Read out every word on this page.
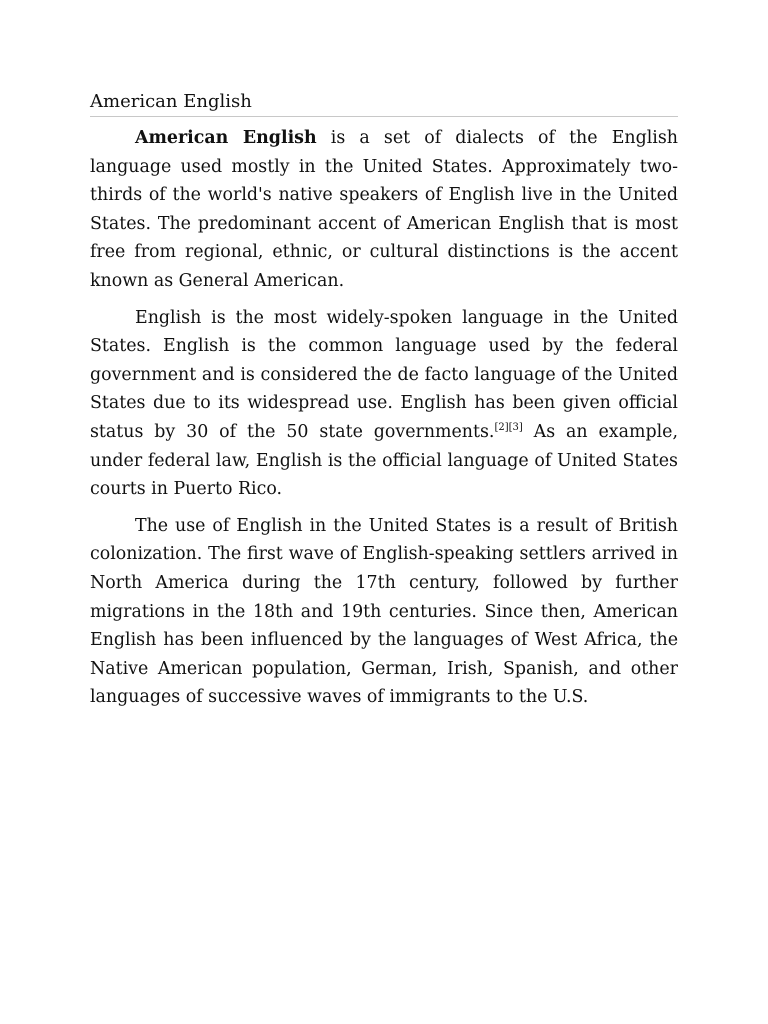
American English

American English is a set of dialects of the English language used mostly in the United States. Approximately two-thirds of the world's native speakers of English live in the United States. The predominant accent of American English that is most free from regional, ethnic, or cultural distinctions is the accent known as General American.

English is the most widely-spoken language in the United States. English is the common language used by the federal government and is considered the de facto language of the United States due to its widespread use. English has been given official status by 30 of the 50 state governments.[2][3] As an example, under federal law, English is the official language of United States courts in Puerto Rico.

The use of English in the United States is a result of British colonization. The first wave of English-speaking settlers arrived in North America during the 17th century, followed by further migrations in the 18th and 19th centuries. Since then, American English has been influenced by the languages of West Africa, the Native American population, German, Irish, Spanish, and other languages of successive waves of immigrants to the U.S.
